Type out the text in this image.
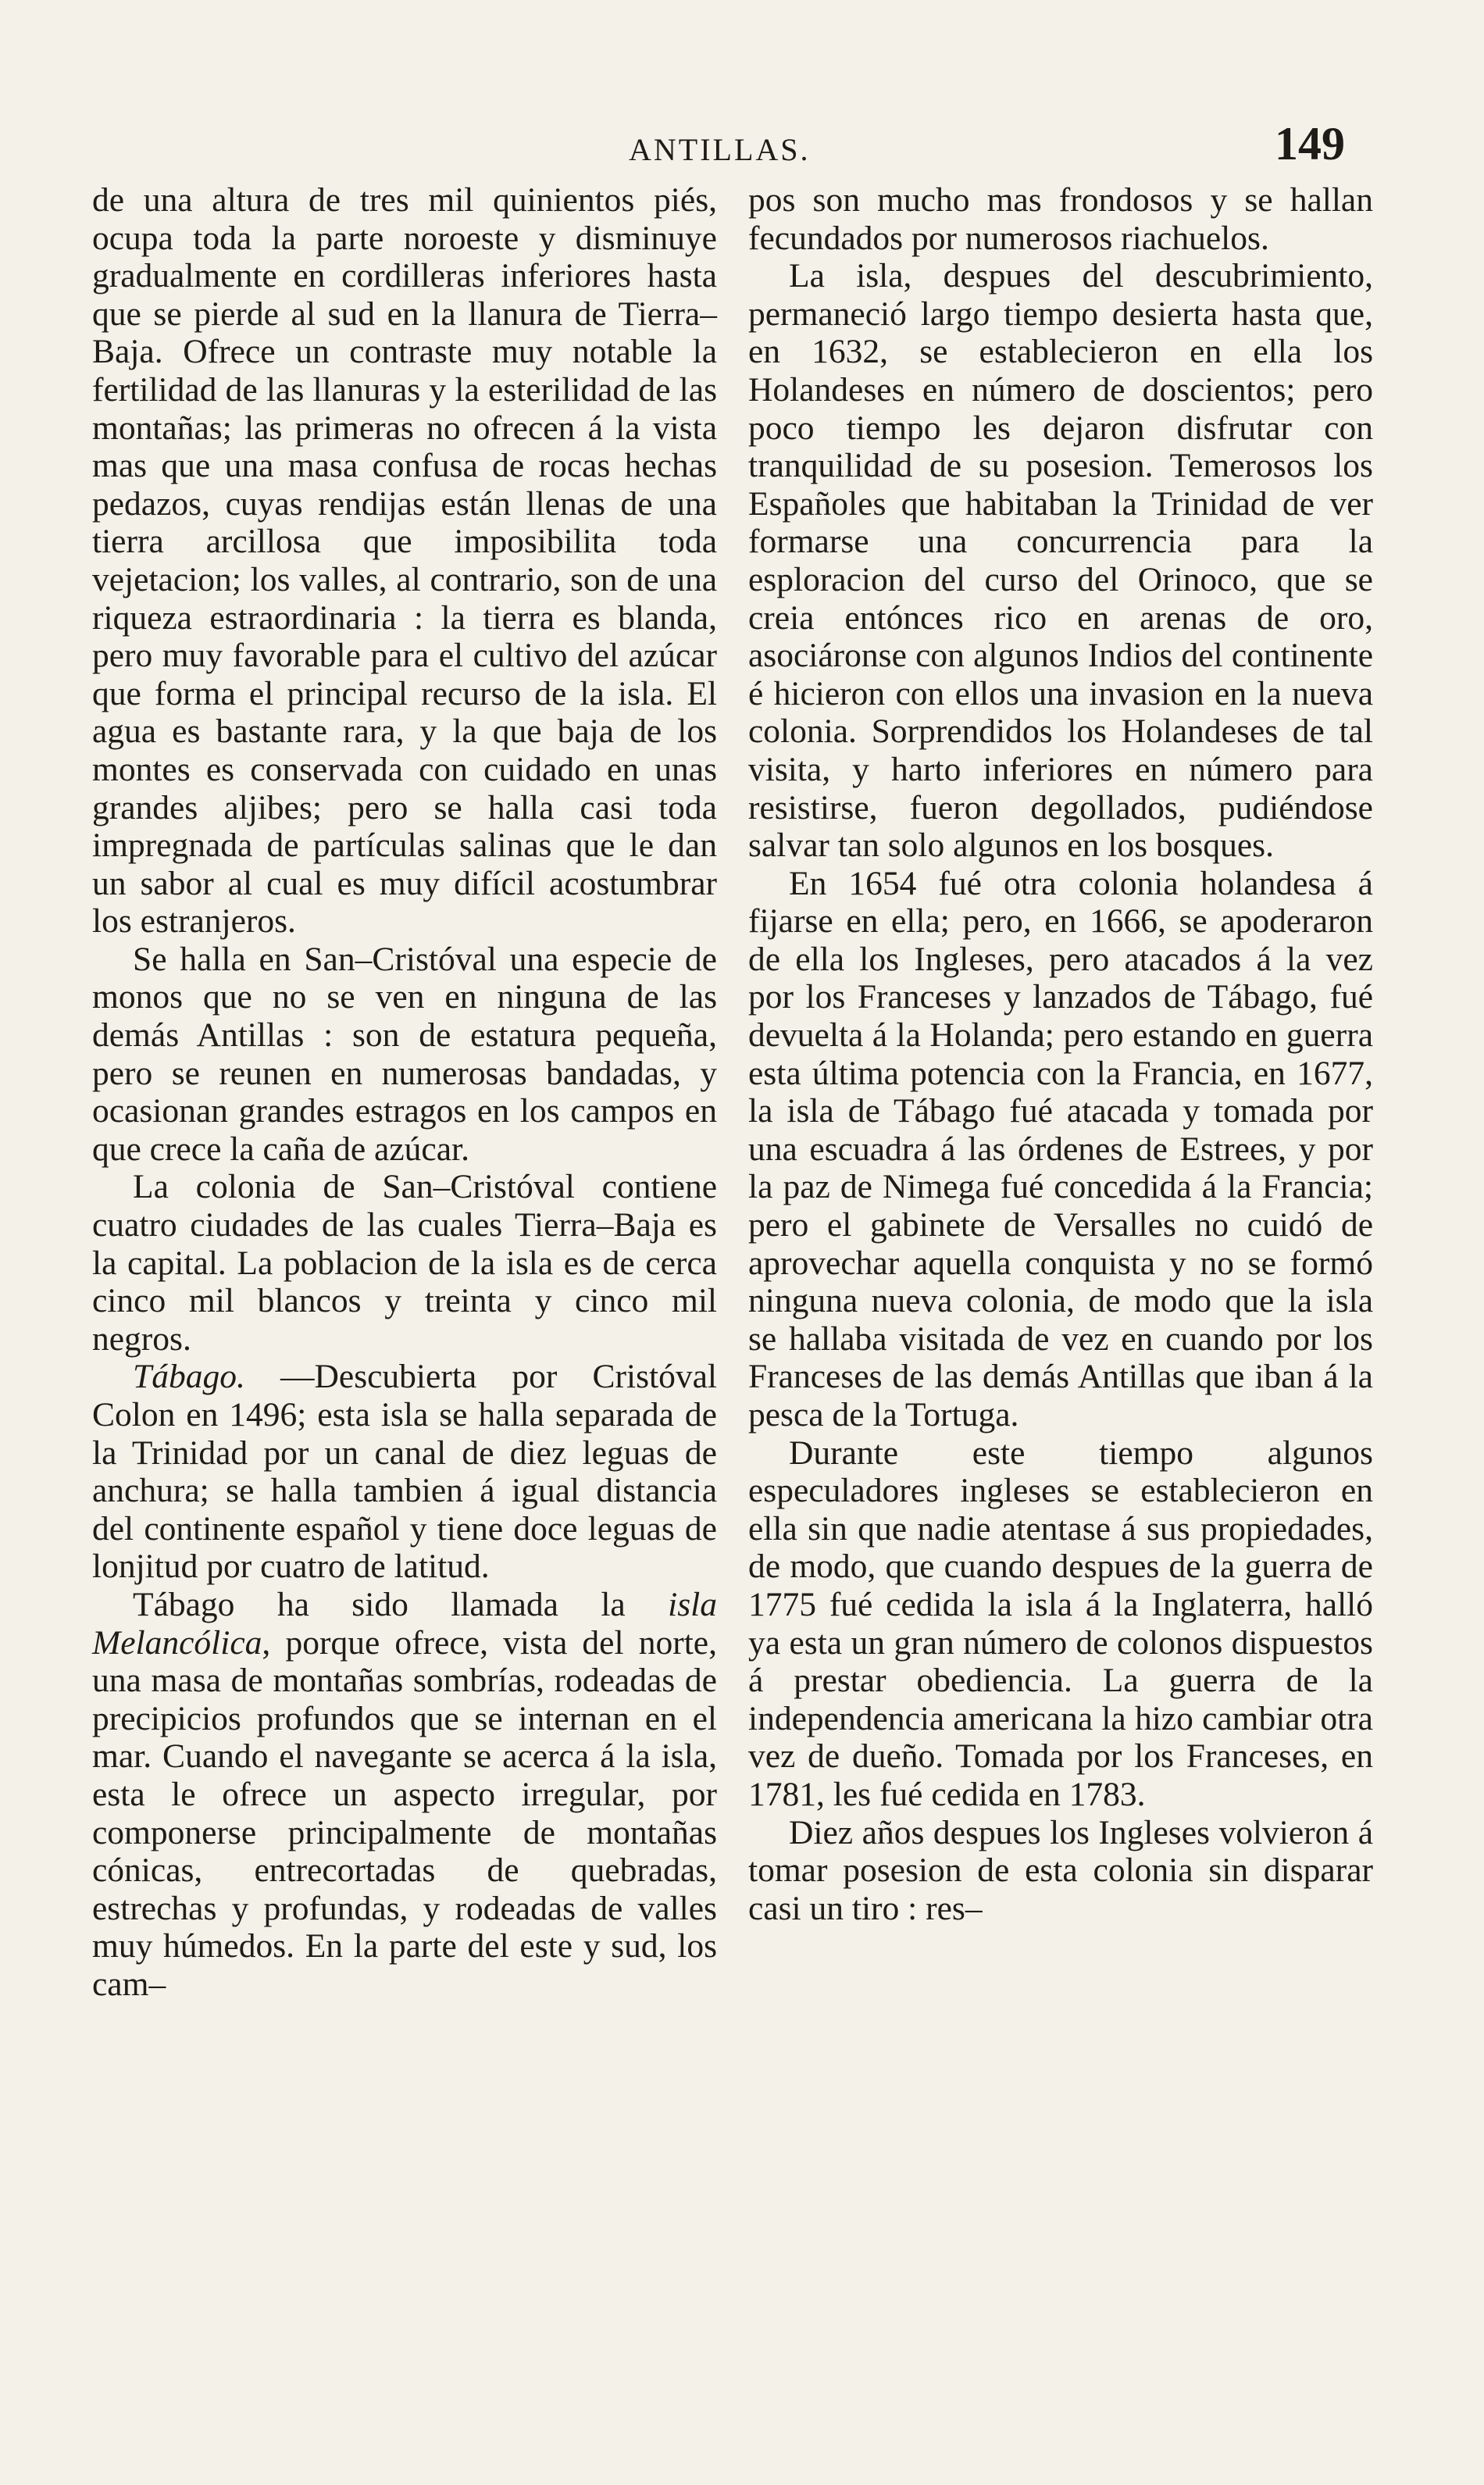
ANTILLAS.	149

de una altura de tres mil quinientos piés, ocupa toda la parte noroeste y disminuye gradualmente en cordilleras inferiores hasta que se pierde al sud en la llanura de Tierra–Baja. Ofrece un contraste muy notable la fertilidad de las llanuras y la esterilidad de las montañas; las primeras no ofrecen á la vista mas que una masa confusa de rocas hechas pedazos, cuyas rendijas están llenas de una tierra arcillosa que imposibilita toda vejetacion; los valles, al contrario, son de una riqueza estraordinaria : la tierra es blanda, pero muy favorable para el cultivo del azúcar que forma el principal recurso de la isla. El agua es bastante rara, y la que baja de los montes es conservada con cuidado en unas grandes aljibes; pero se halla casi toda impregnada de partículas salinas que le dan un sabor al cual es muy difícil acostumbrar los estranjeros.

Se halla en San–Cristóval una especie de monos que no se ven en ninguna de las demás Antillas : son de estatura pequeña, pero se reunen en numerosas bandadas, y ocasionan grandes estragos en los campos en que crece la caña de azúcar.

La colonia de San–Cristóval contiene cuatro ciudades de las cuales Tierra–Baja es la capital. La poblacion de la isla es de cerca cinco mil blancos y treinta y cinco mil negros.

Tábago. —Descubierta por Cristóval Colon en 1496; esta isla se halla separada de la Trinidad por un canal de diez leguas de anchura; se halla tambien á igual distancia del continente español y tiene doce leguas de lonjitud por cuatro de latitud.

Tábago ha sido llamada la isla Melancólica, porque ofrece, vista del norte, una masa de montañas sombrías, rodeadas de precipicios profundos que se internan en el mar. Cuando el navegante se acerca á la isla, esta le ofrece un aspecto irregular, por componerse principalmente de montañas cónicas, entrecortadas de quebradas, estrechas y profundas, y rodeadas de valles muy húmedos. En la parte del este y sud, los cam–

pos son mucho mas frondosos y se hallan fecundados por numerosos riachuelos.

La isla, despues del descubrimiento, permaneció largo tiempo desierta hasta que, en 1632, se establecieron en ella los Holandeses en número de doscientos; pero poco tiempo les dejaron disfrutar con tranquilidad de su posesion. Temerosos los Españoles que habitaban la Trinidad de ver formarse una concurrencia para la esploracion del curso del Orinoco, que se creia entónces rico en arenas de oro, asociáronse con algunos Indios del continente é hicieron con ellos una invasion en la nueva colonia. Sorprendidos los Holandeses de tal visita, y harto inferiores en número para resistirse, fueron degollados, pudiéndose salvar tan solo algunos en los bosques.

En 1654 fué otra colonia holandesa á fijarse en ella; pero, en 1666, se apoderaron de ella los Ingleses, pero atacados á la vez por los Franceses y lanzados de Tábago, fué devuelta á la Holanda; pero estando en guerra esta última potencia con la Francia, en 1677, la isla de Tábago fué atacada y tomada por una escuadra á las órdenes de Estrees, y por la paz de Nimega fué concedida á la Francia; pero el gabinete de Versalles no cuidó de aprovechar aquella conquista y no se formó ninguna nueva colonia, de modo que la isla se hallaba visitada de vez en cuando por los Franceses de las demás Antillas que iban á la pesca de la Tortuga.

Durante este tiempo algunos especuladores ingleses se establecieron en ella sin que nadie atentase á sus propiedades, de modo, que cuando despues de la guerra de 1775 fué cedida la isla á la Inglaterra, halló ya esta un gran número de colonos dispuestos á prestar obediencia. La guerra de la independencia americana la hizo cambiar otra vez de dueño. Tomada por los Franceses, en 1781, les fué cedida en 1783.

Diez años despues los Ingleses volvieron á tomar posesion de esta colonia sin disparar casi un tiro : res–
